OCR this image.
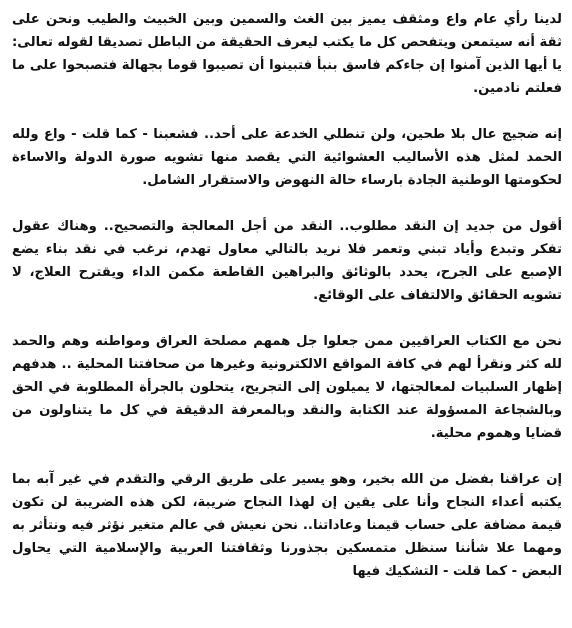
لدينا رأي عام واع ومثقف يميز بين الغث والسمين وبين الخبيث والطيب ونحن على ثقة أنه سيتمعن ويتفحص كل ما يكتب ليعرف الحقيقة من الباطل تصديقا لقوله تعالى: يا أيها الذين آمنوا إن جاءكم فاسق بنبأ فتبينوا أن تصيبوا قوما بجهالة فتصبحوا على ما فعلتم نادمين.

إنه ضجيج عال بلا طحين، ولن تنطلي الخدعة على أحد.. فشعبنا - كما قلت - واع ولله الحمد لمثل هذه الأساليب العشوائية التي يقصد منها تشويه صورة الدولة والاساءة لحكومتها الوطنية الجادة بارساء حالة النهوض والاستقرار الشامل.

أقول من جديد إن النقد مطلوب.. النقد من أجل المعالجة والتصحيح.. وهناك عقول تفكر وتبدع وأياد تبني وتعمر فلا نريد بالتالي معاول تهدم، نرغب في نقد بناء يضع الإصبع على الجرح، يحدد بالوثائق والبراهين القاطعة مكمن الداء ويقترح العلاج، لا تشويه الحقائق والالتفاف على الوقائع.

نحن مع الكتاب العراقيين ممن جعلوا جل همهم مصلحة العراق ومواطنه وهم والحمد لله كثر ونقرأ لهم في كافة المواقع الالكترونية وغيرها من صحافتنا المحلية .. هدفهم إظهار السلبيات لمعالجتها، لا يميلون إلى التجريح، يتحلون بالجرأة المطلوبة في الحق وبالشجاعة المسؤولة عند الكتابة والنقد وبالمعرفة الدقيقة في كل ما يتناولون من قضايا وهموم محلية.

إن عراقنا بفضل من الله بخير، وهو يسير على طريق الرقي والتقدم في غير آبه بما يكتبه أعداء النجاح وأنا على يقين إن لهذا النجاح ضريبة، لكن هذه الضريبة لن تكون قيمة مضافة على حساب قيمنا وعاداتنا.. نحن نعيش في عالم متغير نؤثر فيه ونتأثر به ومهما علا شأننا سنظل متمسكين بجذورنا وثقافتنا العربية والإسلامية التي يحاول البعض - كما قلت - التشكيك فيها
